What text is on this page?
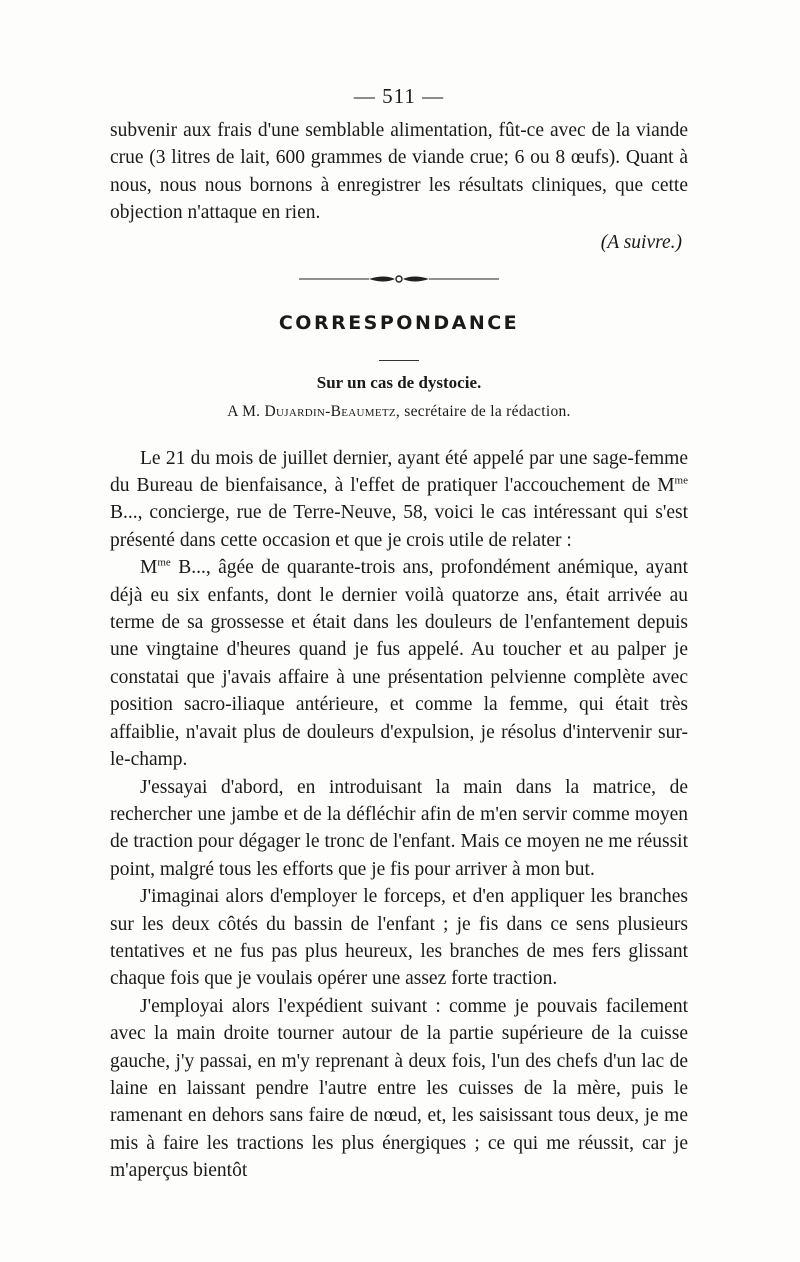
— 511 —

subvenir aux frais d'une semblable alimentation, fût-ce avec de la viande crue (3 litres de lait, 600 grammes de viande crue; 6 ou 8 œufs). Quant à nous, nous nous bornons à enregistrer les résultats cliniques, que cette objection n'attaque en rien.

(A suivre.)
CORRESPONDANCE
Sur un cas de dystocie.
A M. Dujardin-Beaumetz, secrétaire de la rédaction.

Le 21 du mois de juillet dernier, ayant été appelé par une sage-femme du Bureau de bienfaisance, à l'effet de pratiquer l'accouchement de $M^{me}$ B..., concierge, rue de Terre-Neuve, 58, voici le cas intéressant qui s'est présenté dans cette occasion et que je crois utile de relater :

$M^{me}$ B..., âgée de quarante-trois ans, profondément anémique, ayant déjà eu six enfants, dont le dernier voilà quatorze ans, était arrivée au terme de sa grossesse et était dans les douleurs de l'enfantement depuis une vingtaine d'heures quand je fus appelé. Au toucher et au palper je constatai que j'avais affaire à une présentation pelvienne complète avec position sacro-iliaque antérieure, et comme la femme, qui était très affaiblie, n'avait plus de douleurs d'expulsion, je résolus d'intervenir sur-le-champ.

J'essayai d'abord, en introduisant la main dans la matrice, de rechercher une jambe et de la défléchir afin de m'en servir comme moyen de traction pour dégager le tronc de l'enfant. Mais ce moyen ne me réussit point, malgré tous les efforts que je fis pour arriver à mon but.

J'imaginai alors d'employer le forceps, et d'en appliquer les branches sur les deux côtés du bassin de l'enfant ; je fis dans ce sens plusieurs tentatives et ne fus pas plus heureux, les branches de mes fers glissant chaque fois que je voulais opérer une assez forte traction.

J'employai alors l'expédient suivant : comme je pouvais facilement avec la main droite tourner autour de la partie supérieure de la cuisse gauche, j'y passai, en m'y reprenant à deux fois, l'un des chefs d'un lac de laine en laissant pendre l'autre entre les cuisses de la mère, puis le ramenant en dehors sans faire de nœud, et, les saisissant tous deux, je me mis à faire les tractions les plus énergiques ; ce qui me réussit, car je m'aperçus bientôt
